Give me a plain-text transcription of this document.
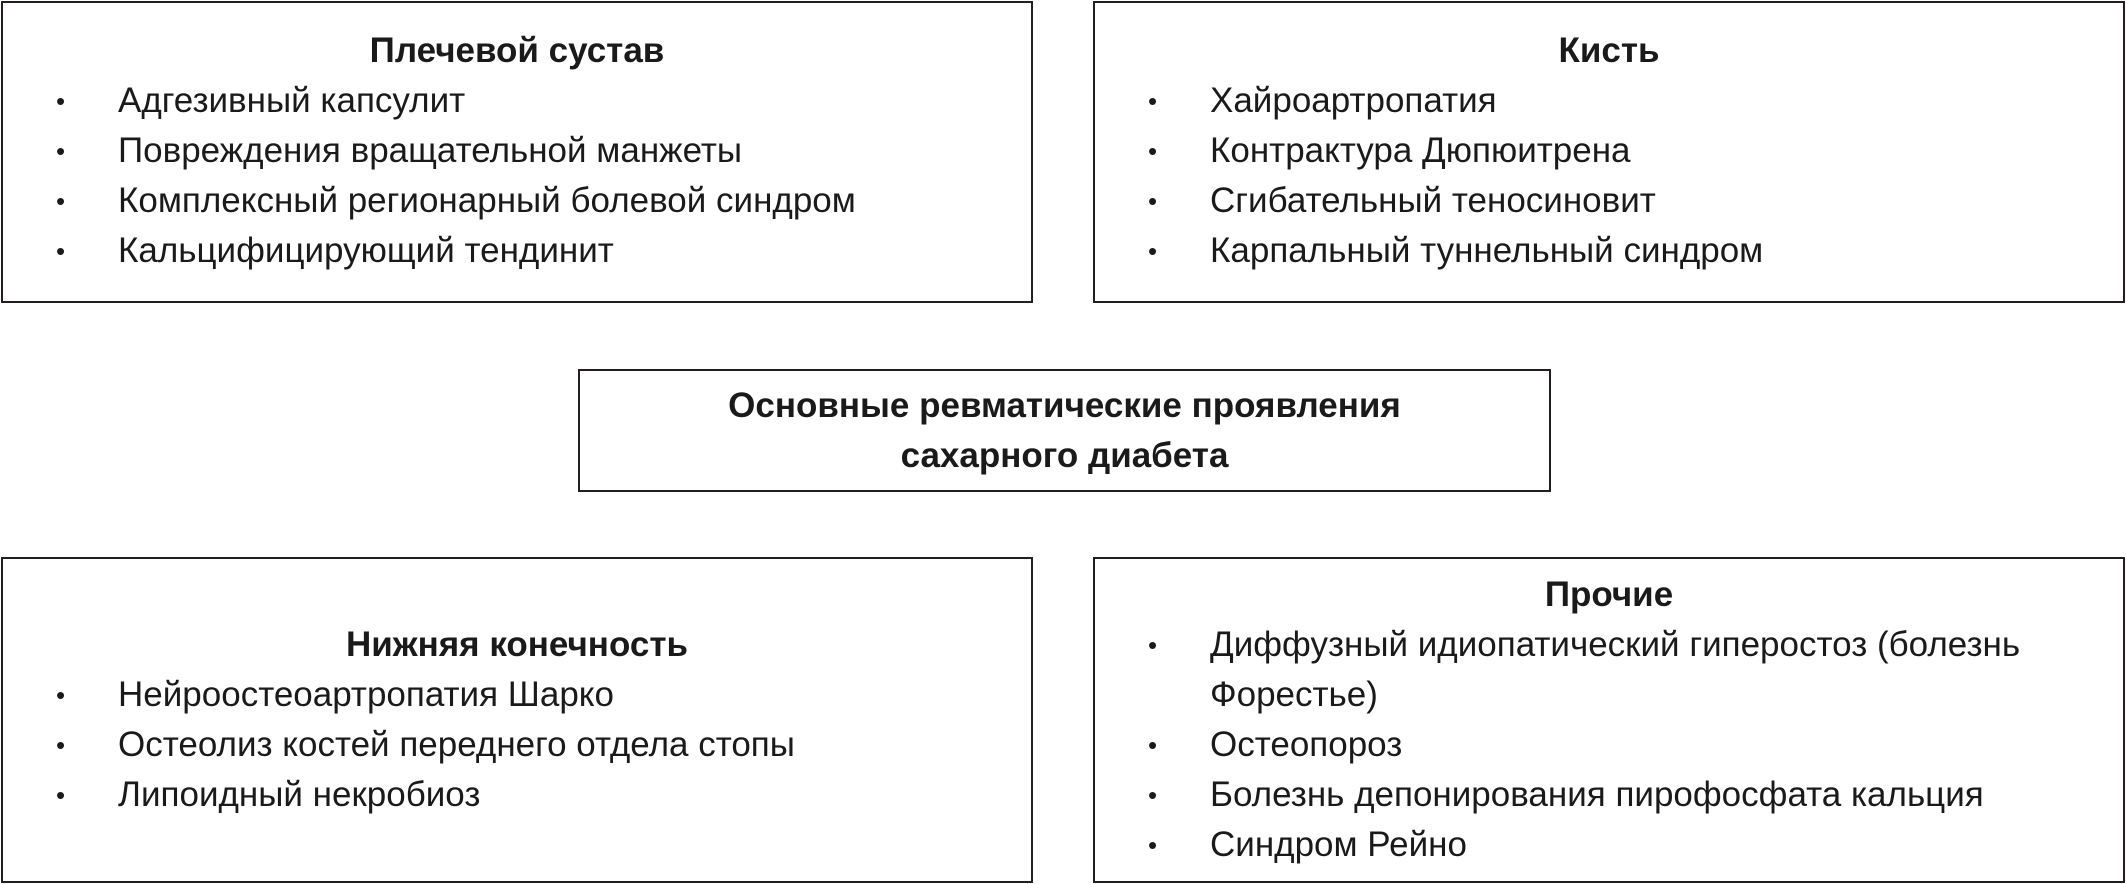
Плечевой сустав
• Адгезивный капсулит
• Повреждения вращательной манжеты
• Комплексный регионарный болевой синдром
• Кальцифицирующий тендинит
Кисть
• Хайроартропатия
• Контрактура Дюпюитрена
• Сгибательный теносиновит
• Карпальный туннельный синдром
Основные ревматические проявления
сахарного диабета
Нижняя конечность
• Нейроостеоартропатия Шарко
• Остеолиз костей переднего отдела стопы
• Липоидный некробиоз
Прочие
• Диффузный идиопатический гиперостоз (болезнь Форестье)
• Остеопороз
• Болезнь депонирования пирофосфата кальция
• Синдром Рейно
